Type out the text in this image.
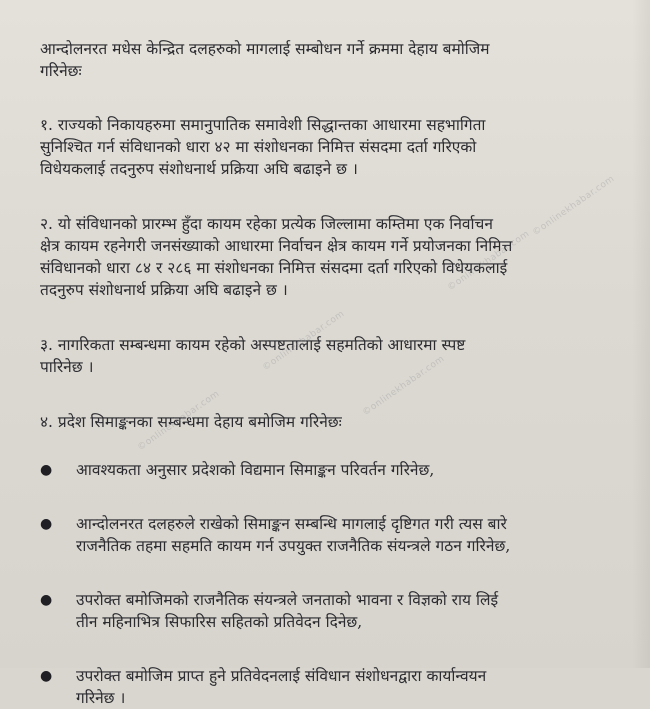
आन्दोलनरत मधेस केन्द्रित दलहरुको मागलाई सम्बोधन गर्ने क्रममा देहाय बमोजिम
गरिनेछः

१. राज्यको निकायहरुमा समानुपातिक समावेशी सिद्धान्तका आधारमा सहभागिता
सुनिश्चित गर्न संविधानको धारा ४२ मा संशोधनका निमित्त संसदमा दर्ता गरिएको
विधेयकलाई तदनुरुप संशोधनार्थ प्रक्रिया अघि बढाइने छ ।

२. यो संविधानको प्रारम्भ हुँदा कायम रहेका प्रत्येक जिल्लामा कम्तिमा एक निर्वाचन
क्षेत्र कायम रहनेगरी जनसंख्याको आधारमा निर्वाचन क्षेत्र कायम गर्ने प्रयोजनका निमित्त
संविधानको धारा ८४ र २८६ मा संशोधनका निमित्त संसदमा दर्ता गरिएको विधेयकलाई
तदनुरुप संशोधनार्थ प्रक्रिया अघि बढाइने छ ।

३. नागरिकता सम्बन्धमा कायम रहेको अस्पष्टतालाई सहमतिको आधारमा स्पष्ट
पारिनेछ ।

४. प्रदेश सिमाङ्कनका सम्बन्धमा देहाय बमोजिम गरिनेछः

●	आवश्यकता अनुसार प्रदेशको विद्यमान सिमाङ्कन परिवर्तन गरिनेछ,
●	आन्दोलनरत दलहरुले राखेको सिमाङ्कन सम्बन्धि मागलाई दृष्टिगत गरी त्यस बारे
राजनैतिक तहमा सहमति कायम गर्न उपयुक्त राजनैतिक संयन्त्रले गठन गरिनेछ,
●	उपरोक्त बमोजिमको राजनैतिक संयन्त्रले जनताको भावना र विज्ञको राय लिई
तीन महिनाभित्र सिफारिस सहितको प्रतिवेदन दिनेछ,
●	उपरोक्त बमोजिम प्राप्त हुने प्रतिवेदनलाई संविधान संशोधनद्वारा कार्यान्वयन
गरिनेछ ।
©onlinekhabar.com
©onlinekhabar.com
©onlinekhabar.com
©onlinekhabar.com
©onlinekhabar.com
